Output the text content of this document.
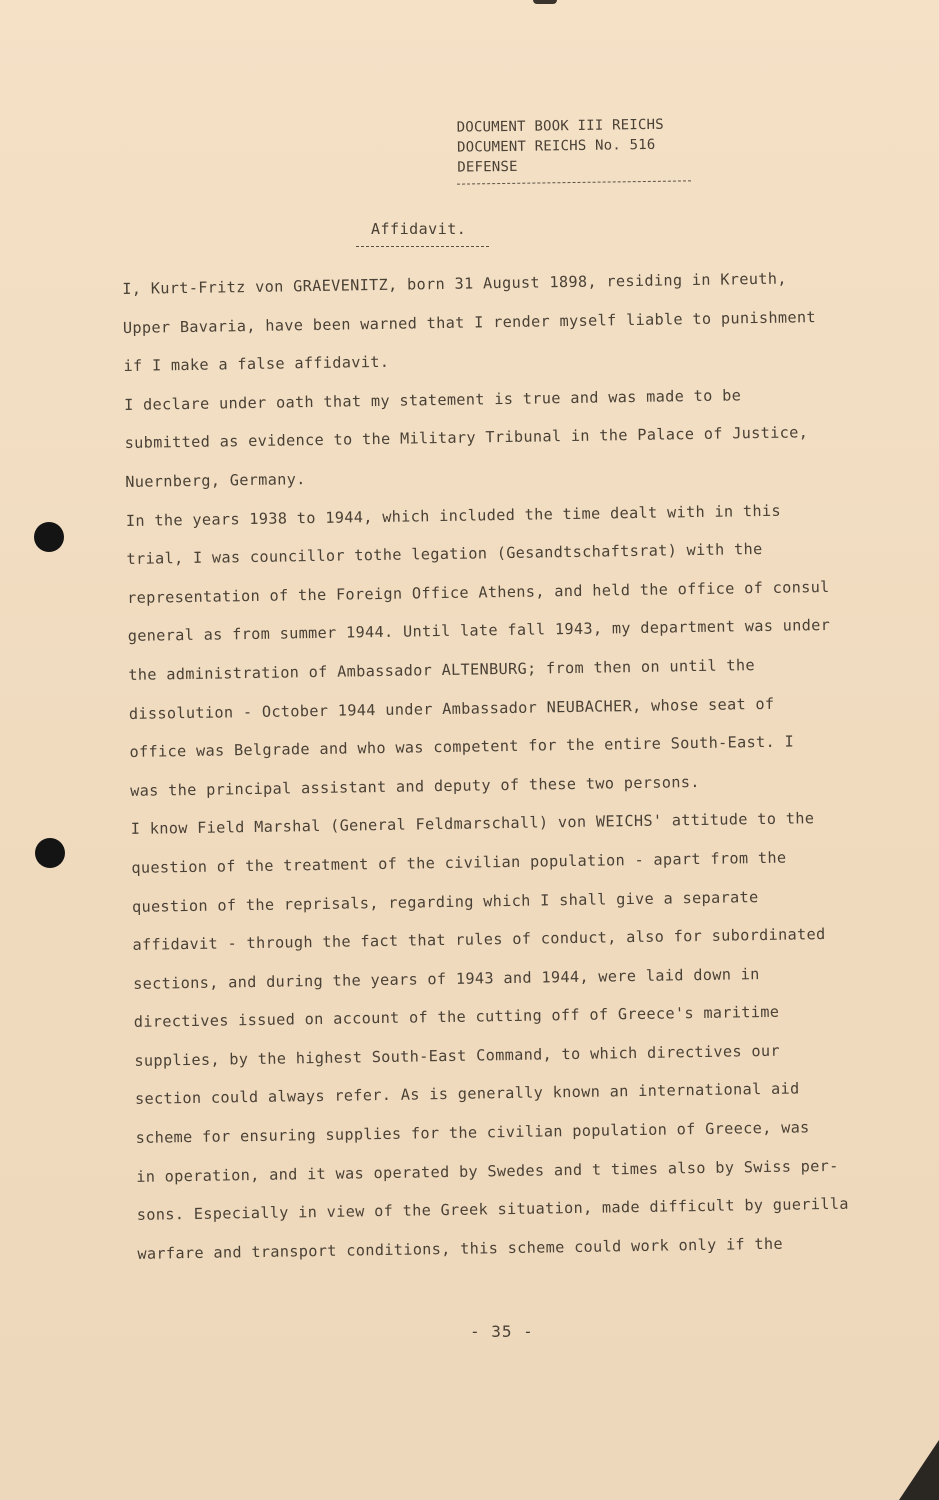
DOCUMENT BOOK III REICHS
DOCUMENT REICHS No. 516
DEFENSE
Affidavit.
I, Kurt-Fritz von GRAEVENITZ, born 31 August 1898, residing in Kreuth,
Upper Bavaria, have been warned that I render myself liable to punishment
if I make a false affidavit.
I declare under oath that my statement is true and was made to be
submitted as evidence to the Military Tribunal in the Palace of Justice,
Nuernberg, Germany.
In the years 1938 to 1944, which included the time dealt with in this
trial, I was councillor tothe legation (Gesandtschaftsrat) with the
representation of the Foreign Office Athens, and held the office of consul
general as from summer 1944. Until late fall 1943, my department was under
the administration of Ambassador ALTENBURG; from then on until the
dissolution - October 1944 under Ambassador NEUBACHER, whose seat of
office was Belgrade and who was competent for the entire South-East. I
was the principal assistant and deputy of these two persons.
I know Field Marshal (General Feldmarschall) von WEICHS' attitude to the
question of the treatment of the civilian population - apart from the
question of the reprisals, regarding which I shall give a separate
affidavit - through the fact that rules of conduct, also for subordinated
sections, and during the years of 1943 and 1944, were laid down in
directives issued on account of the cutting off of Greece's maritime
supplies, by the highest South-East Command, to which directives our
section could always refer. As is generally known an international aid
scheme for ensuring supplies for the civilian population of Greece, was
in operation, and it was operated by Swedes and t times also by Swiss per-
sons. Especially in view of the Greek situation, made difficult by guerilla
warfare and transport conditions, this scheme could work only if the
- 35 -
